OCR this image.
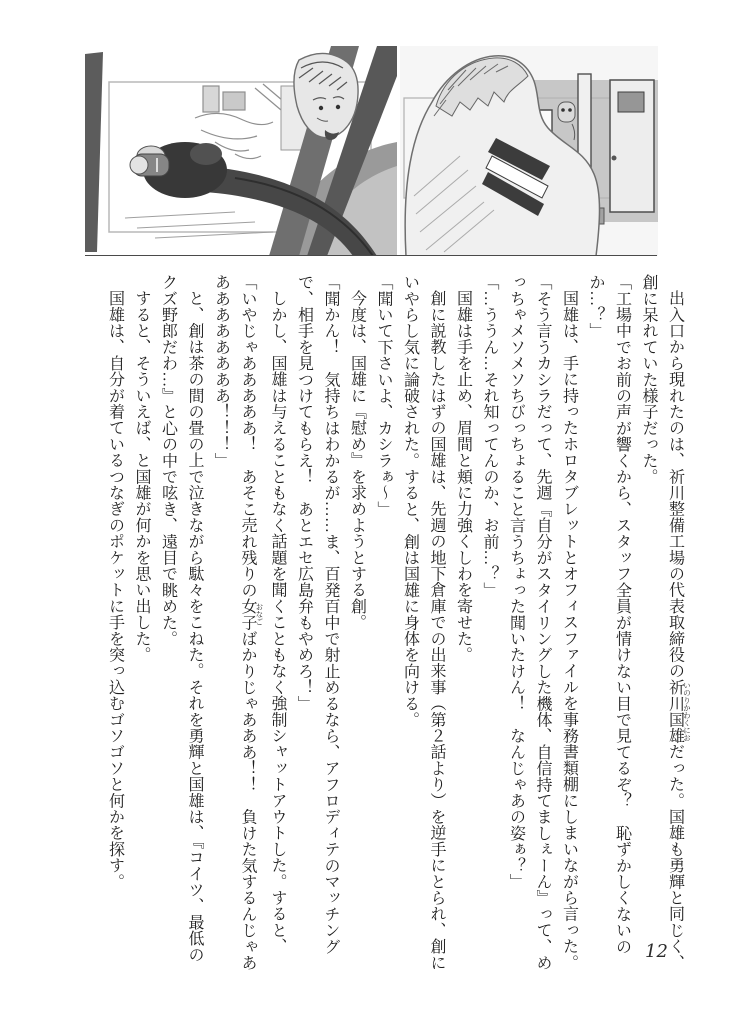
出入口から現れたのは、祈川整備工場の代表取締役の祈川国雄 いのりかわくにおだった。国雄も勇輝と同じく、創に呆れていた様子だった。

「工場中でお前の声が響くから、スタッフ全員が情けない目で見てるぞ？　恥ずかしくないのか…？」

国雄は、手に持ったホロタブレットとオフィスファイルを事務書類棚にしまいながら言った。

「そう言うカシラだって、先週『自分がスタイリングした機体、自信持てましぇーん』って、めっちゃメソメソちびっちょること言うちょった聞いたけん！　なんじゃあの姿ぁ？」

「…ううん…それ知ってんのか、お前…？」

国雄は手を止め、眉間と頬に力強くしわを寄せた。

創に説教したはずの国雄は、先週の地下倉庫での出来事（第２話より）を逆手にとられ、創にいやらし気に論破された。すると、創は国雄に身体を向ける。

「聞いて下さいよ、カシラぁ～」

今度は、国雄に『慰め』を求めようとする創。

「聞かん！　気持ちはわかるが……ま、百発百中で射止めるなら、アフロディテのマッチングで、相手を見つけてもらえ！　あとエセ広島弁もやめろ！」

しかし、国雄は与えることもなく話題を聞くこともなく強制シャットアウトした。すると、

「いやじゃあああああ！　あそこ売れ残りの女子 おなごばかりじゃあああ！！　負けた気するんじゃあああああああああ！！！」

と、創は茶の間の畳の上で泣きながら駄々をこねた。それを勇輝と国雄は、『コイツ、最低のクズ野郎だわ…』と心の中で呟き、遠目で眺めた。

すると、そういえば、と国雄が何かを思い出した。

国雄は、自分が着ているつなぎのポケットに手を突っ込むゴソゴソと何かを探す。

12
